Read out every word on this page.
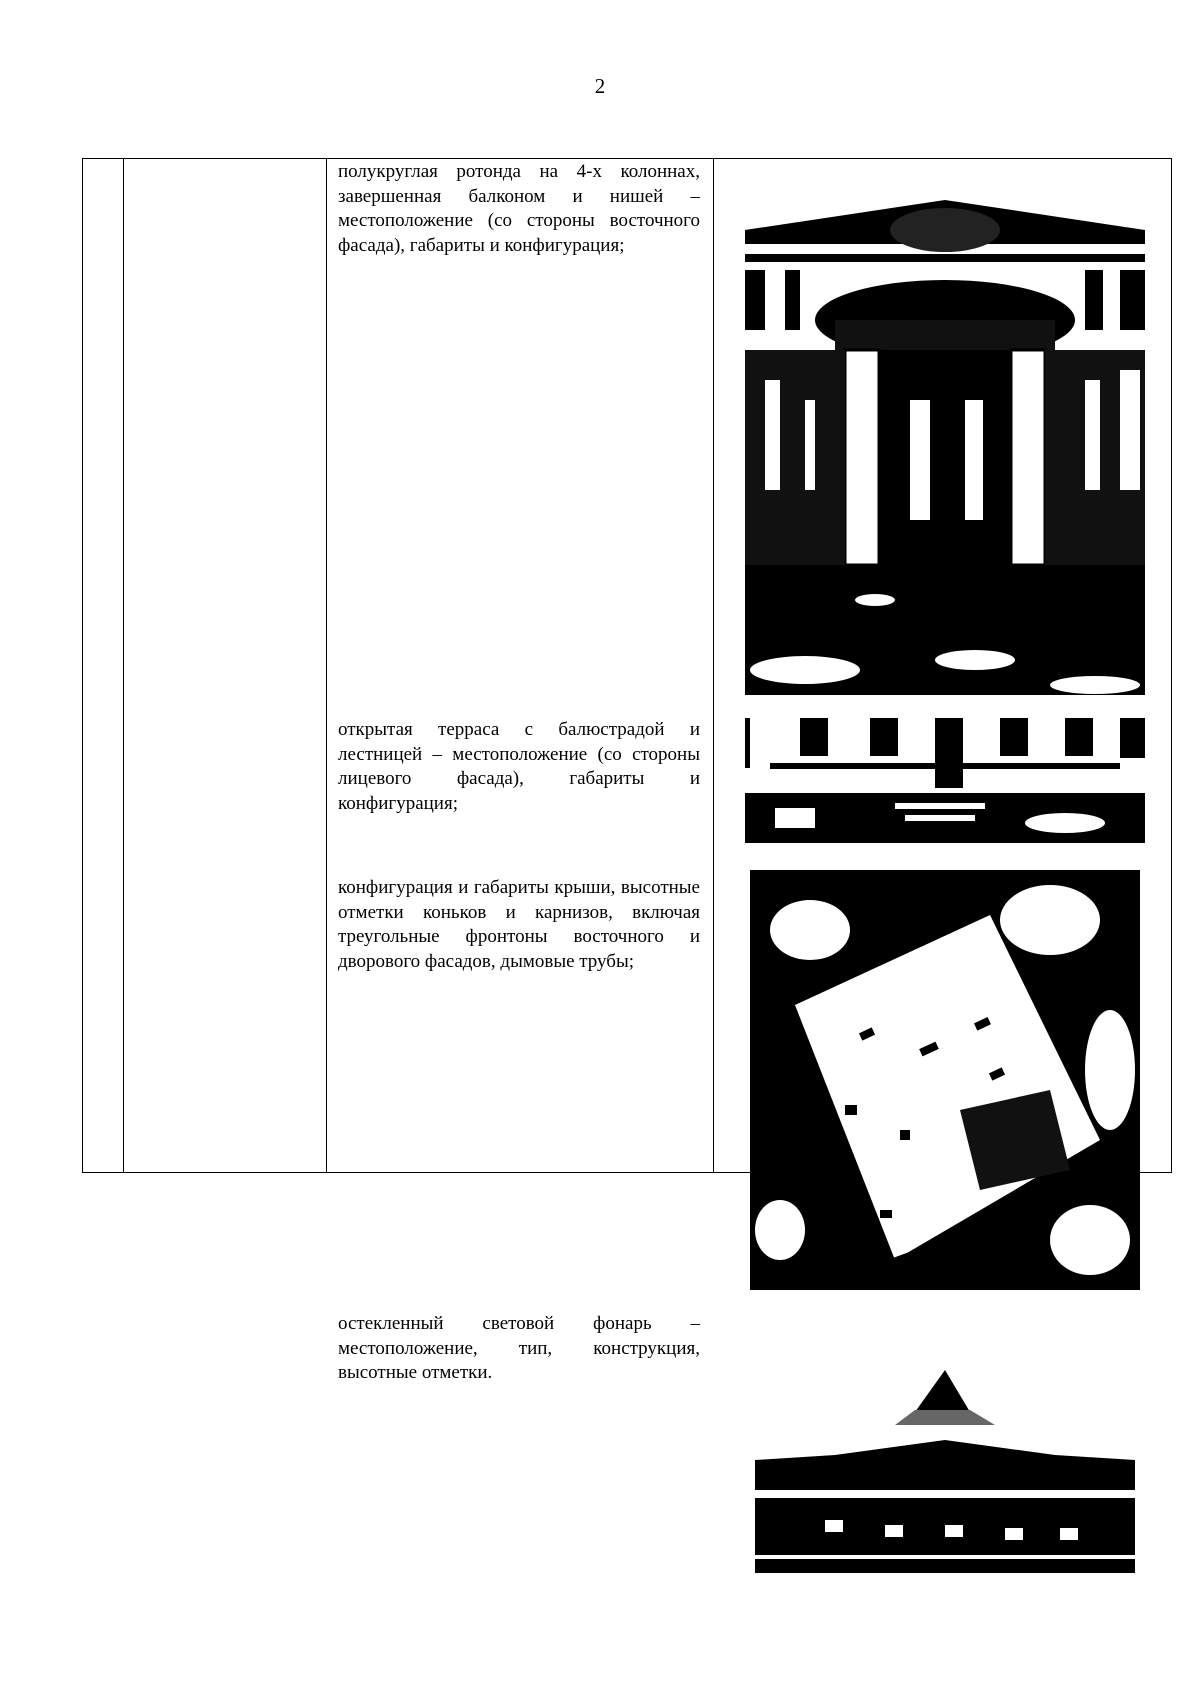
2
полукруглая ротонда на 4-х колоннах, завершенная балконом и нишей – местоположение (со стороны восточного фасада), габариты и конфигурация;
открытая терраса с балюстрадой и лестницей – местоположение (со стороны лицевого фасада), габариты и конфигурация;
конфигурация и габариты крыши, высотные отметки коньков и карнизов, включая треугольные фронтоны восточного и дворового фасадов, дымовые трубы;
остекленный световой фонарь – местоположение, тип, конструкция, высотные отметки.
